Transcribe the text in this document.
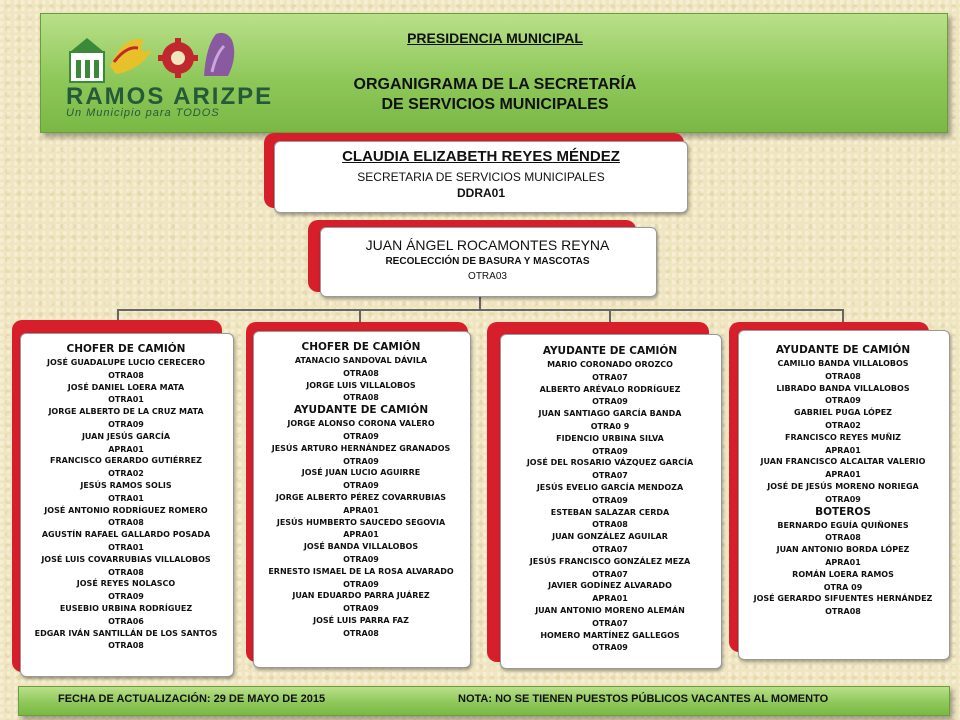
RAMOS ARIZPE
Un Municipio para TODOS
PRESIDENCIA MUNICIPAL
ORGANIGRAMA DE LA SECRETARÍA
DE SERVICIOS MUNICIPALES
CLAUDIA ELIZABETH REYES MÉNDEZ
SECRETARIA DE SERVICIOS MUNICIPALES
DDRA01
JUAN ÁNGEL ROCAMONTES REYNA
RECOLECCIÓN DE BASURA Y MASCOTAS
OTRA03
CHOFER DE CAMIÓN
JOSÉ GUADALUPE LUCIO CERECERO
OTRA08
JOSÉ DANIEL LOERA MATA
OTRA01
JORGE ALBERTO DE LA CRUZ MATA
OTRA09
JUAN JESÚS GARCÍA
APRA01
FRANCISCO GERARDO GUTIÉRREZ
OTRA02
JESÚS RAMOS SOLIS
OTRA01
JOSÉ ANTONIO RODRÍGUEZ ROMERO
OTRA08
AGUSTÍN RAFAEL GALLARDO POSADA
OTRA01
JOSÉ LUIS COVARRUBIAS VILLALOBOS
OTRA08
JOSÉ REYES NOLASCO
OTRA09
EUSEBIO URBINA RODRÍGUEZ
OTRA06
EDGAR IVÁN SANTILLÁN DE LOS SANTOS
OTRA08
CHOFER DE CAMIÓN
ATANACIO SANDOVAL DÁVILA
OTRA08
JORGE LUIS VILLALOBOS
OTRA08
AYUDANTE DE CAMIÓN
JORGE ALONSO CORONA VALERO
OTRA09
JESÚS ARTURO HERNÁNDEZ GRANADOS
OTRA09
JOSÉ JUAN LUCIO AGUIRRE
OTRA09
JORGE ALBERTO PÉREZ COVARRUBIAS
APRA01
JESÚS HUMBERTO SAUCEDO SEGOVIA
APRA01
JOSÉ BANDA VILLALOBOS
OTRA09
ERNESTO ISMAEL DE LA ROSA ALVARADO
OTRA09
JUAN EDUARDO PARRA JUÁREZ
OTRA09
JOSÉ LUIS PARRA FAZ
OTRA08
AYUDANTE DE CAMIÓN
MARIO CORONADO OROZCO
OTRA07
ALBERTO ARÉVALO RODRÍGUEZ
OTRA09
JUAN SANTIAGO GARCÍA BANDA
OTRA0 9
FIDENCIO URBINA SILVA
OTRA09
JOSÉ DEL ROSARIO VÁZQUEZ GARCÍA
OTRA07
JESÚS EVELIO GARCÍA MENDOZA
OTRA09
ESTEBAN SALAZAR CERDA
OTRA08
JUAN GONZÁLEZ AGUILAR
OTRA07
JESÚS FRANCISCO GONZÁLEZ MEZA
OTRA07
JAVIER GODÍNEZ ALVARADO
APRA01
JUAN ANTONIO MORENO ALEMÁN
OTRA07
HOMERO MARTÍNEZ GALLEGOS
OTRA09
AYUDANTE DE CAMIÓN
CAMILIO BANDA VILLALOBOS
OTRA08
LIBRADO BANDA VILLALOBOS
OTRA09
GABRIEL PUGA LÓPEZ
OTRA02
FRANCISCO REYES MUÑIZ
APRA01
JUAN FRANCISCO ALCALTAR VALERIO
APRA01
JOSÉ DE JESÚS MORENO NORIEGA
OTRA09
BOTEROS
BERNARDO EGUÍA QUIÑONES
OTRA08
JUAN ANTONIO BORDA LÓPEZ
APRA01
ROMÁN LOERA RAMOS
OTRA 09
JOSÉ GERARDO SIFUENTES HERNÁNDEZ
OTRA08
FECHA DE ACTUALIZACIÓN: 29 DE MAYO DE 2015	NOTA: NO SE TIENEN PUESTOS PÚBLICOS VACANTES AL MOMENTO
